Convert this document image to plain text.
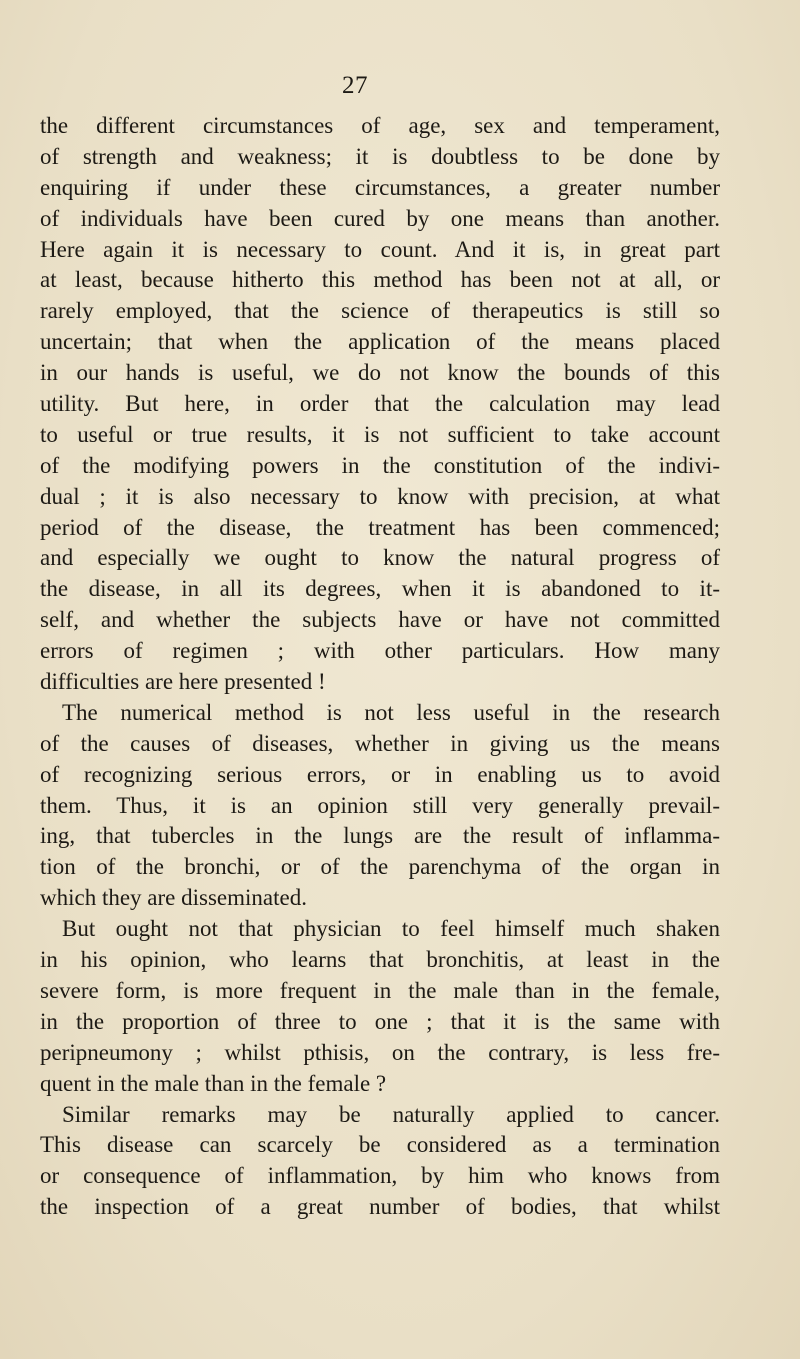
27
the different circumstances of age, sex and temperament,
of strength and weakness; it is doubtless to be done by
enquiring if under these circumstances, a greater number
of individuals have been cured by one means than another.
Here again it is necessary to count. And it is, in great part
at least, because hitherto this method has been not at all, or
rarely employed, that the science of therapeutics is still so
uncertain; that when the application of the means placed
in our hands is useful, we do not know the bounds of this
utility. But here, in order that the calculation may lead
to useful or true results, it is not sufficient to take account
of the modifying powers in the constitution of the indivi-
dual ; it is also necessary to know with precision, at what
period of the disease, the treatment has been commenced;
and especially we ought to know the natural progress of
the disease, in all its degrees, when it is abandoned to it-
self, and whether the subjects have or have not committed
errors of regimen ; with other particulars. How many
difficulties are here presented !
The numerical method is not less useful in the research
of the causes of diseases, whether in giving us the means
of recognizing serious errors, or in enabling us to avoid
them. Thus, it is an opinion still very generally prevail-
ing, that tubercles in the lungs are the result of inflamma-
tion of the bronchi, or of the parenchyma of the organ in
which they are disseminated.
But ought not that physician to feel himself much shaken
in his opinion, who learns that bronchitis, at least in the
severe form, is more frequent in the male than in the female,
in the proportion of three to one ; that it is the same with
peripneumony ; whilst pthisis, on the contrary, is less fre-
quent in the male than in the female ?
Similar remarks may be naturally applied to cancer.
This disease can scarcely be considered as a termination
or consequence of inflammation, by him who knows from
the inspection of a great number of bodies, that whilst
